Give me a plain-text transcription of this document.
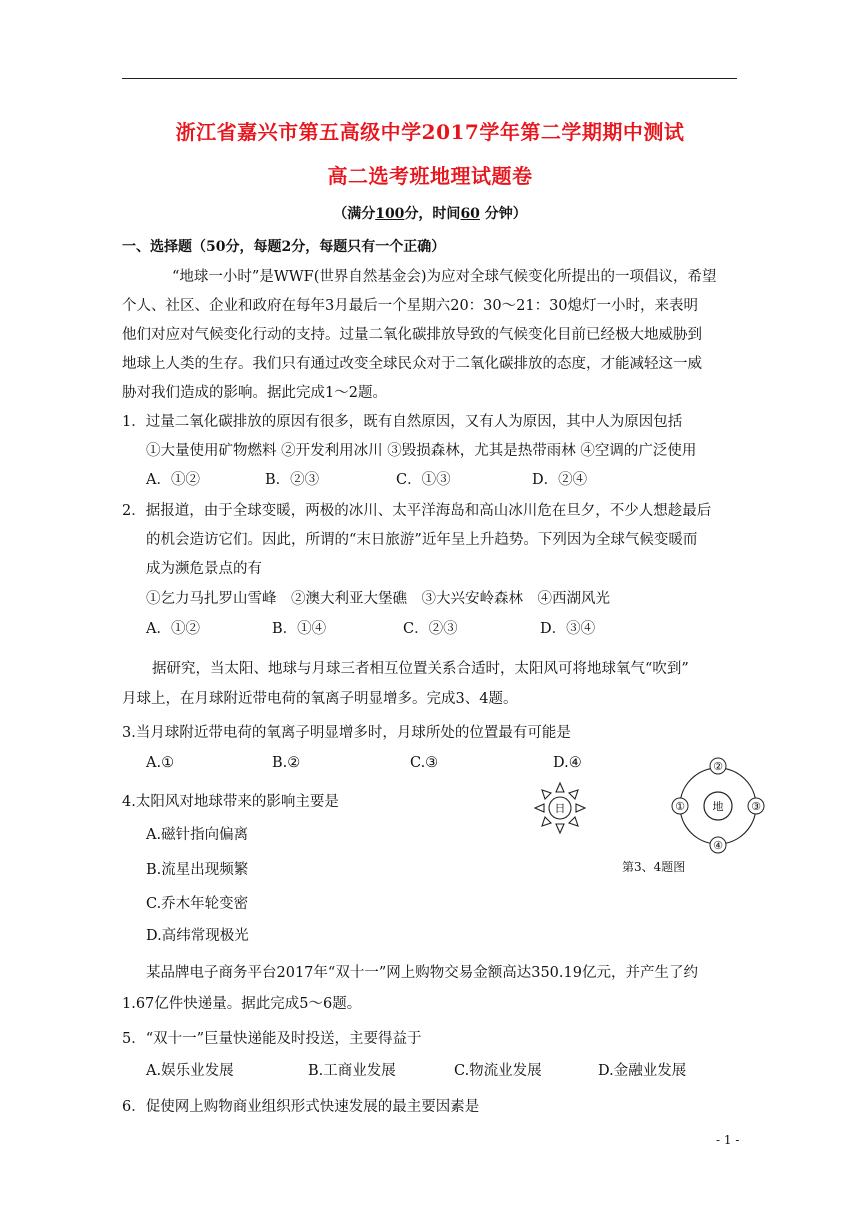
浙江省嘉兴市第五高级中学2017学年第二学期期中测试
高二选考班地理试题卷
（满分100分，时间60 分钟）
一、选择题（50分，每题2分，每题只有一个正确）
“地球一小时”是WWF(世界自然基金会)为应对全球气候变化所提出的一项倡议，希望
个人、社区、企业和政府在每年3月最后一个星期六20：30～21：30熄灯一小时，来表明
他们对应对气候变化行动的支持。过量二氧化碳排放导致的气候变化目前已经极大地威胁到
地球上人类的生存。我们只有通过改变全球民众对于二氧化碳排放的态度，才能减轻这一威
胁对我们造成的影响。据此完成1～2题。
1．过量二氧化碳排放的原因有很多，既有自然原因，又有人为原因，其中人为原因包括
①大量使用矿物燃料 ②开发利用冰川 ③毁损森林，尤其是热带雨林 ④空调的广泛使用
A．①②	B．②③	C．①③	D．②④
2．据报道，由于全球变暖，两极的冰川、太平洋海岛和高山冰川危在旦夕，不少人想趁最后
的机会造访它们。因此，所谓的“末日旅游”近年呈上升趋势。下列因为全球气候变暖而
成为濒危景点的有
①乞力马扎罗山雪峰　②澳大利亚大堡礁　③大兴安岭森林　④西湖风光
A．①②	B．①④	C．②③	D．③④
据研究，当太阳、地球与月球三者相互位置关系合适时，太阳风可将地球氧气“吹到”
月球上，在月球附近带电荷的氧离子明显增多。完成3、4题。
3.当月球附近带电荷的氧离子明显增多时，月球所处的位置最有可能是
A.①	B.②	C.③	D.④
4.太阳风对地球带来的影响主要是
A.磁针指向偏离
B.流星出现频繁
C.乔木年轮变密
D.高纬常现极光
日	地
①
②
③
④
第3、4题图
某品牌电子商务平台2017年“双十一”网上购物交易金额高达350.19亿元，并产生了约
1.67亿件快递量。据此完成5～6题。
5．“双十一”巨量快递能及时投送，主要得益于
A.娱乐业发展	B.工商业发展	C.物流业发展	D.金融业发展
6．促使网上购物商业组织形式快速发展的最主要因素是
- 1 -
